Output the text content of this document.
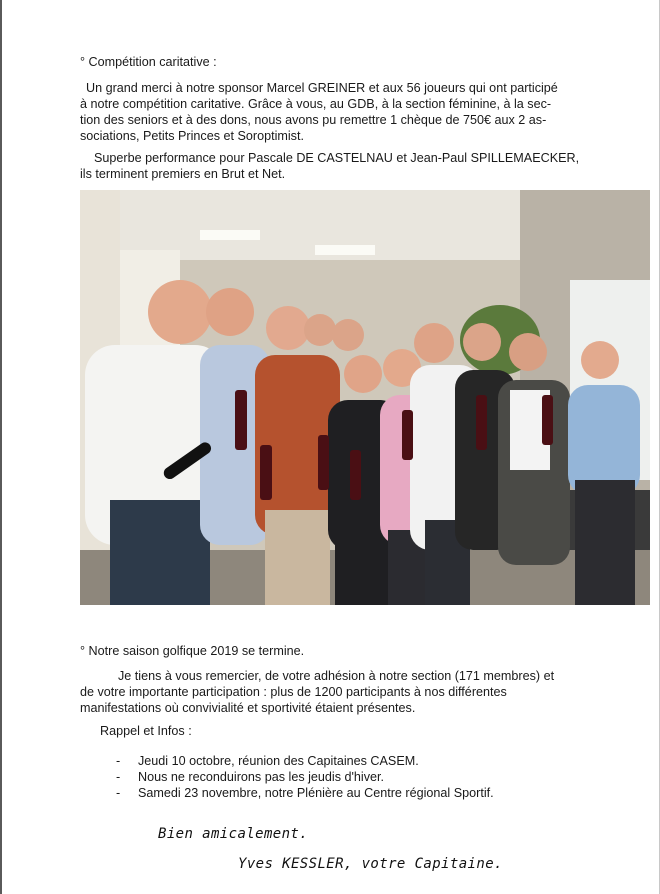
° Compétition caritative :
Un grand merci à notre sponsor Marcel GREINER et aux 56 joueurs qui ont participé
à notre compétition caritative. Grâce à vous, au GDB, à la section féminine, à la sec-
tion des seniors et à des dons, nous avons pu remettre 1 chèque de 750€ aux 2 as-
sociations, Petits Princes et Soroptimist.
Superbe performance pour Pascale DE CASTELNAU et Jean-Paul SPILLEMAECKER,
ils terminent premiers en Brut et Net.
° Notre saison golfique 2019 se termine.
Je tiens à vous remercier, de votre adhésion à notre section (171 membres) et
de votre importante participation : plus de 1200 participants à nos différentes
manifestations où convivialité et sportivité étaient présentes.
Rappel et Infos :
- Jeudi 10 octobre, réunion des Capitaines CASEM.
- Nous ne reconduirons pas les jeudis d'hiver.
- Samedi 23 novembre, notre Plénière au Centre régional Sportif.
Bien amicalement.
Yves KESSLER, votre Capitaine.
